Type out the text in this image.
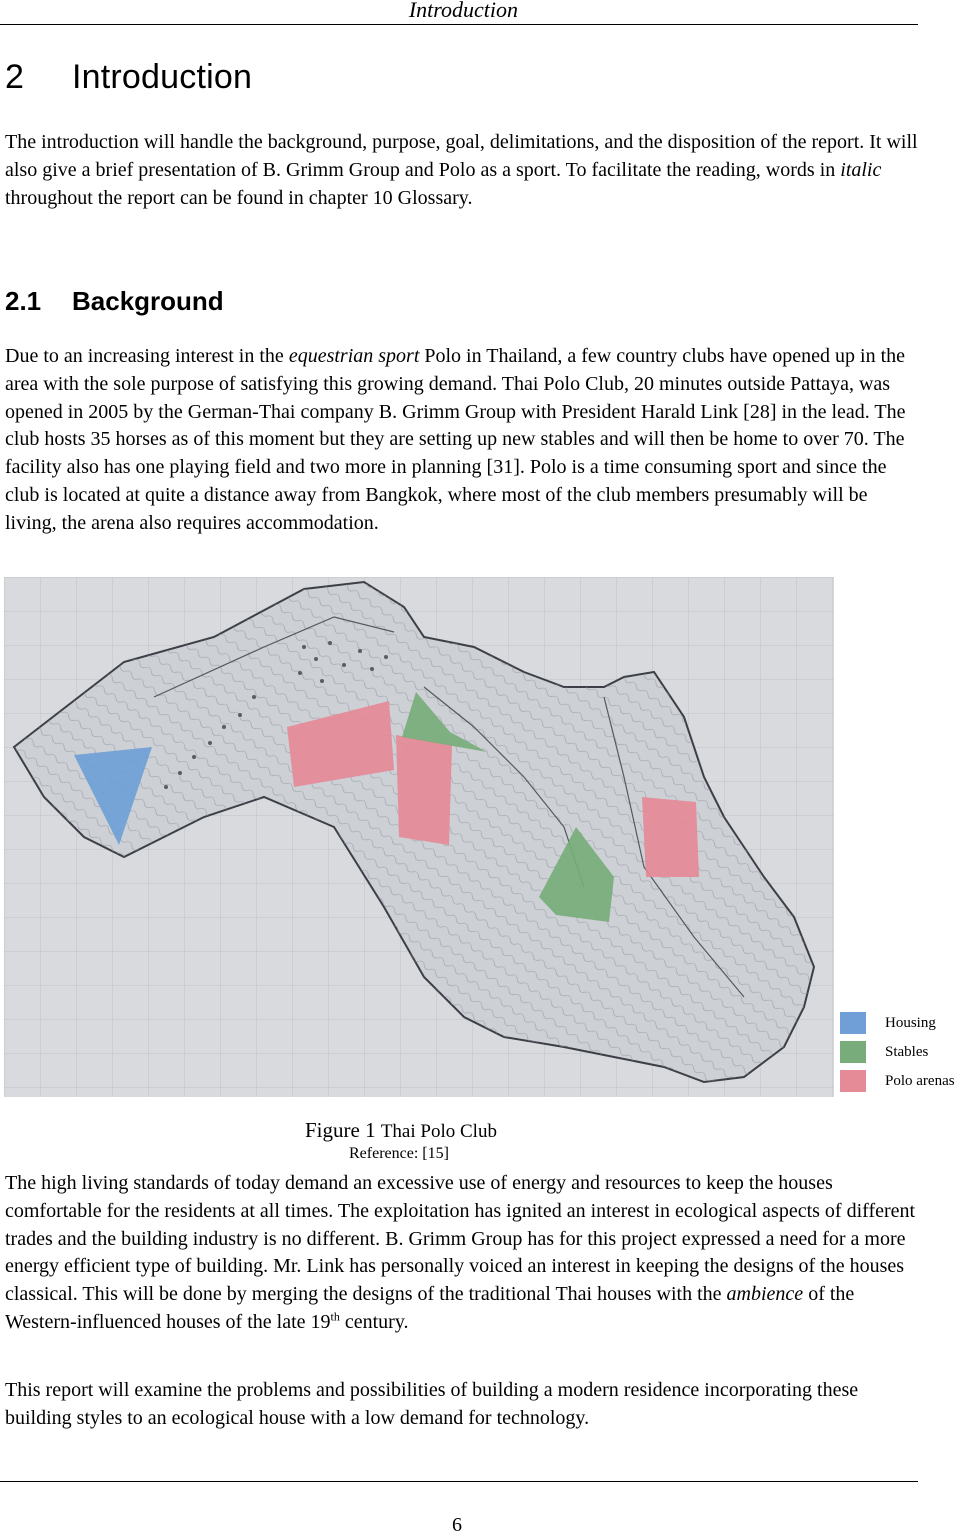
Introduction
2 Introduction

The introduction will handle the background, purpose, goal, delimitations, and the disposition of the report. It will also give a brief presentation of B. Grimm Group and Polo as a sport. To facilitate the reading, words in italic throughout the report can be found in chapter 10 Glossary.

2.1 Background

Due to an increasing interest in the equestrian sport Polo in Thailand, a few country clubs have opened up in the area with the sole purpose of satisfying this growing demand. Thai Polo Club, 20 minutes outside Pattaya, was opened in 2005 by the German-Thai company B. Grimm Group with President Harald Link [28] in the lead. The club hosts 35 horses as of this moment but they are setting up new stables and will then be home to over 70. The facility also has one playing field and two more in planning [31]. Polo is a time consuming sport and since the club is located at quite a distance away from Bangkok, where most of the club members presumably will be living, the arena also requires accommodation.

Housing
Stables
Polo arenas
Figure 1 Thai Polo Club
Reference: [15]

The high living standards of today demand an excessive use of energy and resources to keep the houses comfortable for the residents at all times. The exploitation has ignited an interest in ecological aspects of different trades and the building industry is no different. B. Grimm Group has for this project expressed a need for a more energy efficient type of building. Mr. Link has personally voiced an interest in keeping the designs of the houses classical. This will be done by merging the designs of the traditional Thai houses with the ambience of the Western-influenced houses of the late 19th century.

This report will examine the problems and possibilities of building a modern residence incorporating these building styles to an ecological house with a low demand for technology.

6
